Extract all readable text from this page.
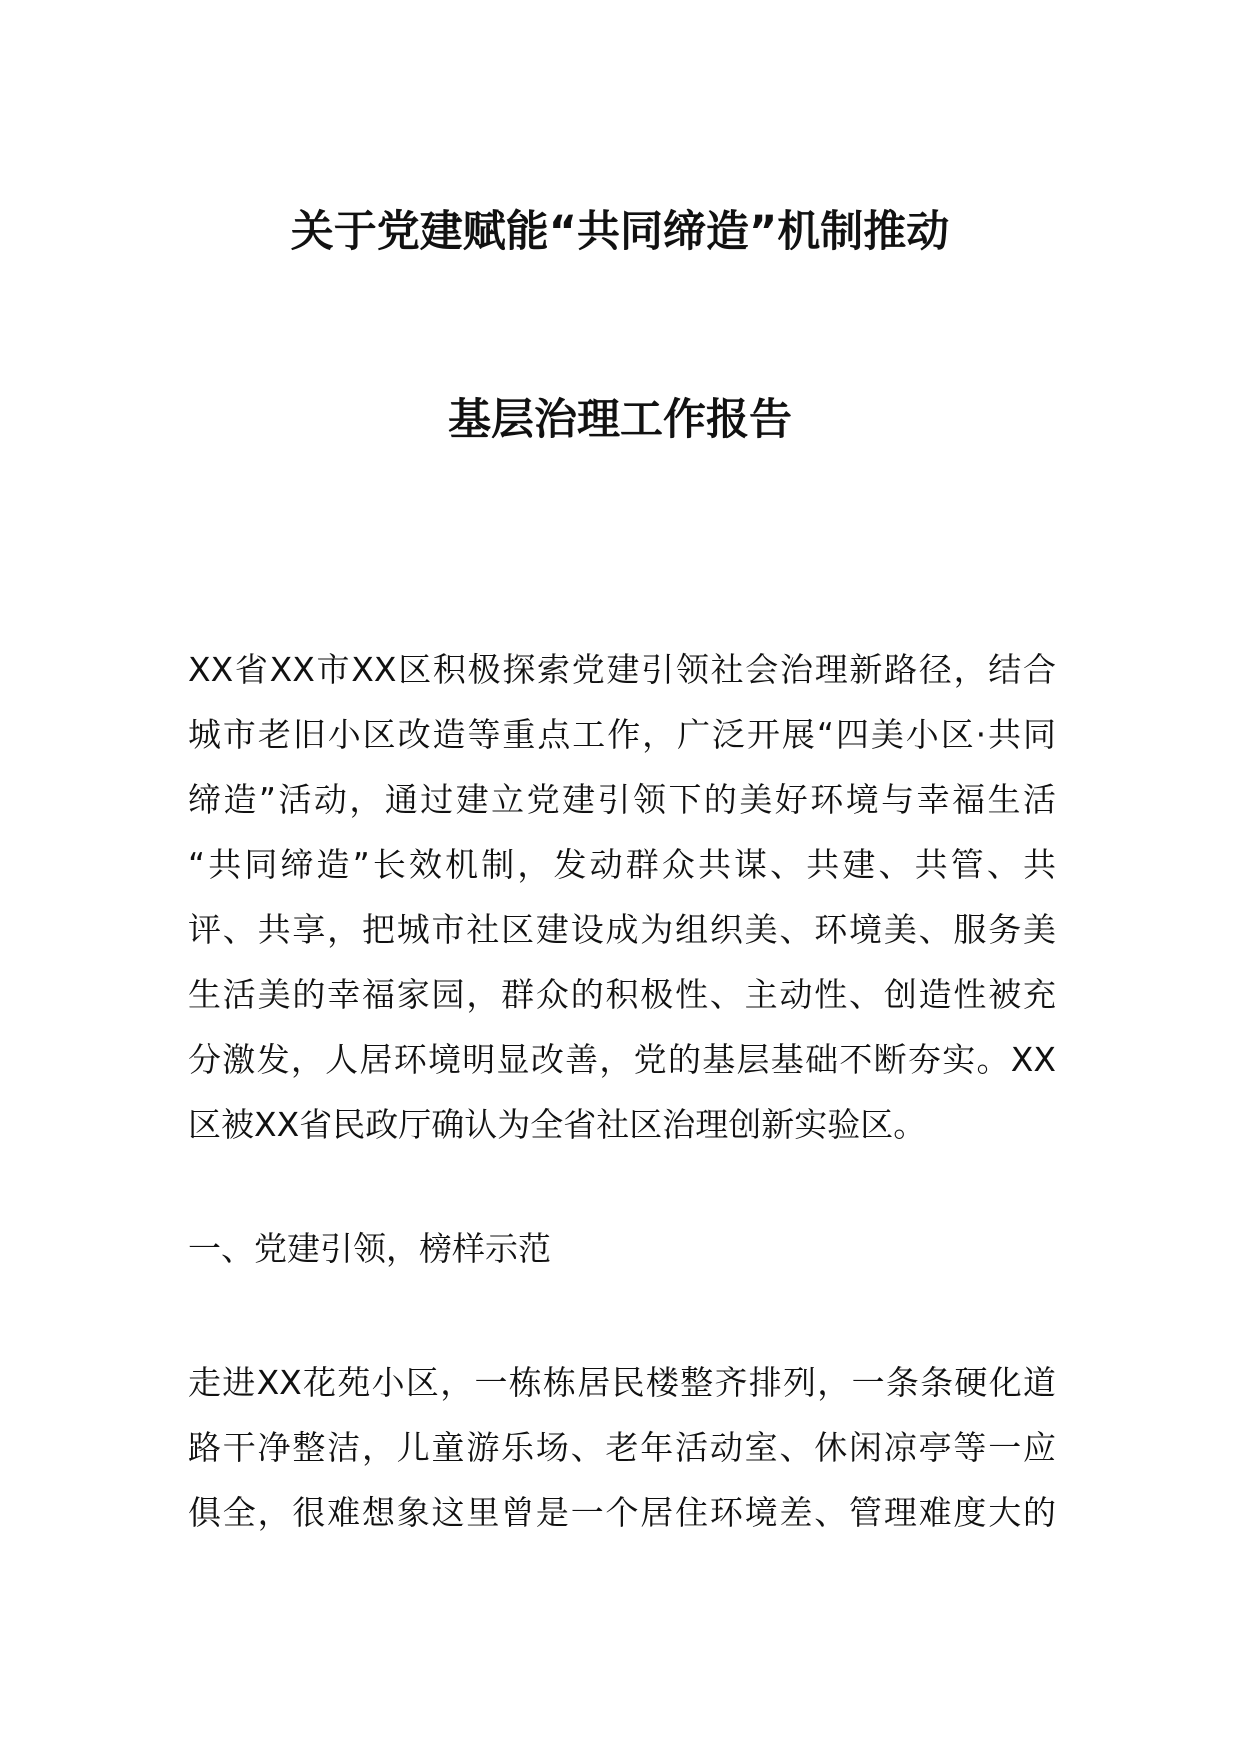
关于党建赋能“共同缔造”机制推动
基层治理工作报告
XX省XX市XX区积极探索党建引领社会治理新路径，结合
城市老旧小区改造等重点工作，广泛开展“四美小区·共同
缔造”活动，通过建立党建引领下的美好环境与幸福生活
“共同缔造”长效机制，发动群众共谋、共建、共管、共
评、共享，把城市社区建设成为组织美、环境美、服务美
生活美的幸福家园，群众的积极性、主动性、创造性被充
分激发，人居环境明显改善，党的基层基础不断夯实。XX
区被XX省民政厅确认为全省社区治理创新实验区。
一、党建引领，榜样示范
走进XX花苑小区，一栋栋居民楼整齐排列，一条条硬化道
路干净整洁，儿童游乐场、老年活动室、休闲凉亭等一应
俱全，很难想象这里曾是一个居住环境差、管理难度大的
